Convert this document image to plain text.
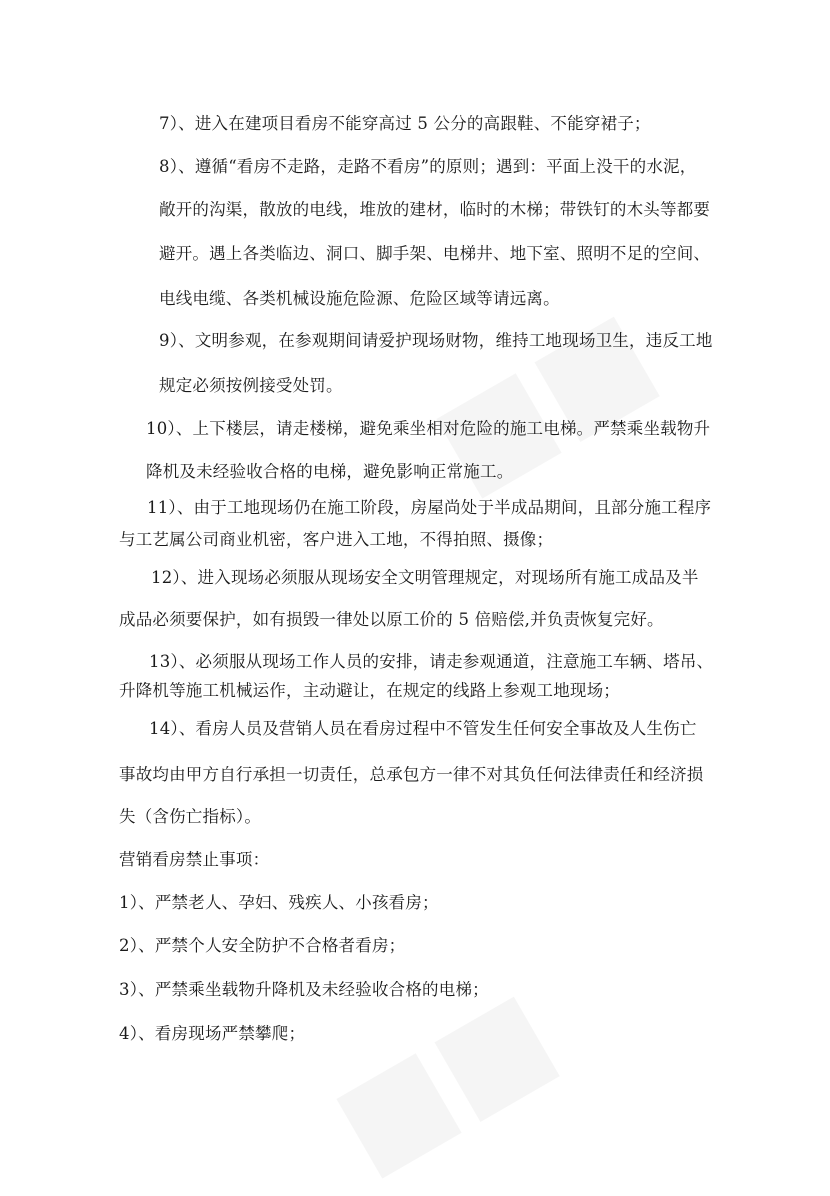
7）、进入在建项目看房不能穿高过 5 公分的高跟鞋、不能穿裙子；

8）、遵循“看房不走路，走路不看房”的原则；遇到：平面上没干的水泥，

敞开的沟渠，散放的电线，堆放的建材，临时的木梯；带铁钉的木头等都要

避开。遇上各类临边、洞口、脚手架、电梯井、地下室、照明不足的空间、

电线电缆、各类机械设施危险源、危险区域等请远离。

9）、文明参观，在参观期间请爱护现场财物，维持工地现场卫生，违反工地

规定必须按例接受处罚。

10）、上下楼层，请走楼梯，避免乘坐相对危险的施工电梯。严禁乘坐载物升

降机及未经验收合格的电梯，避免影响正常施工。

11）、由于工地现场仍在施工阶段，房屋尚处于半成品期间，且部分施工程序

与工艺属公司商业机密，客户进入工地，不得拍照、摄像；

12）、进入现场必须服从现场安全文明管理规定，对现场所有施工成品及半

成品必须要保护，如有损毁一律处以原工价的 5 倍赔偿,并负责恢复完好。

13）、必须服从现场工作人员的安排，请走参观通道，注意施工车辆、塔吊、

升降机等施工机械运作，主动避让，在规定的线路上参观工地现场；

14）、看房人员及营销人员在看房过程中不管发生任何安全事故及人生伤亡

事故均由甲方自行承担一切责任，总承包方一律不对其负任何法律责任和经济损

失（含伤亡指标）。

营销看房禁止事项：

1）、严禁老人、孕妇、残疾人、小孩看房；

2）、严禁个人安全防护不合格者看房；

3）、严禁乘坐载物升降机及未经验收合格的电梯；

4）、看房现场严禁攀爬；
